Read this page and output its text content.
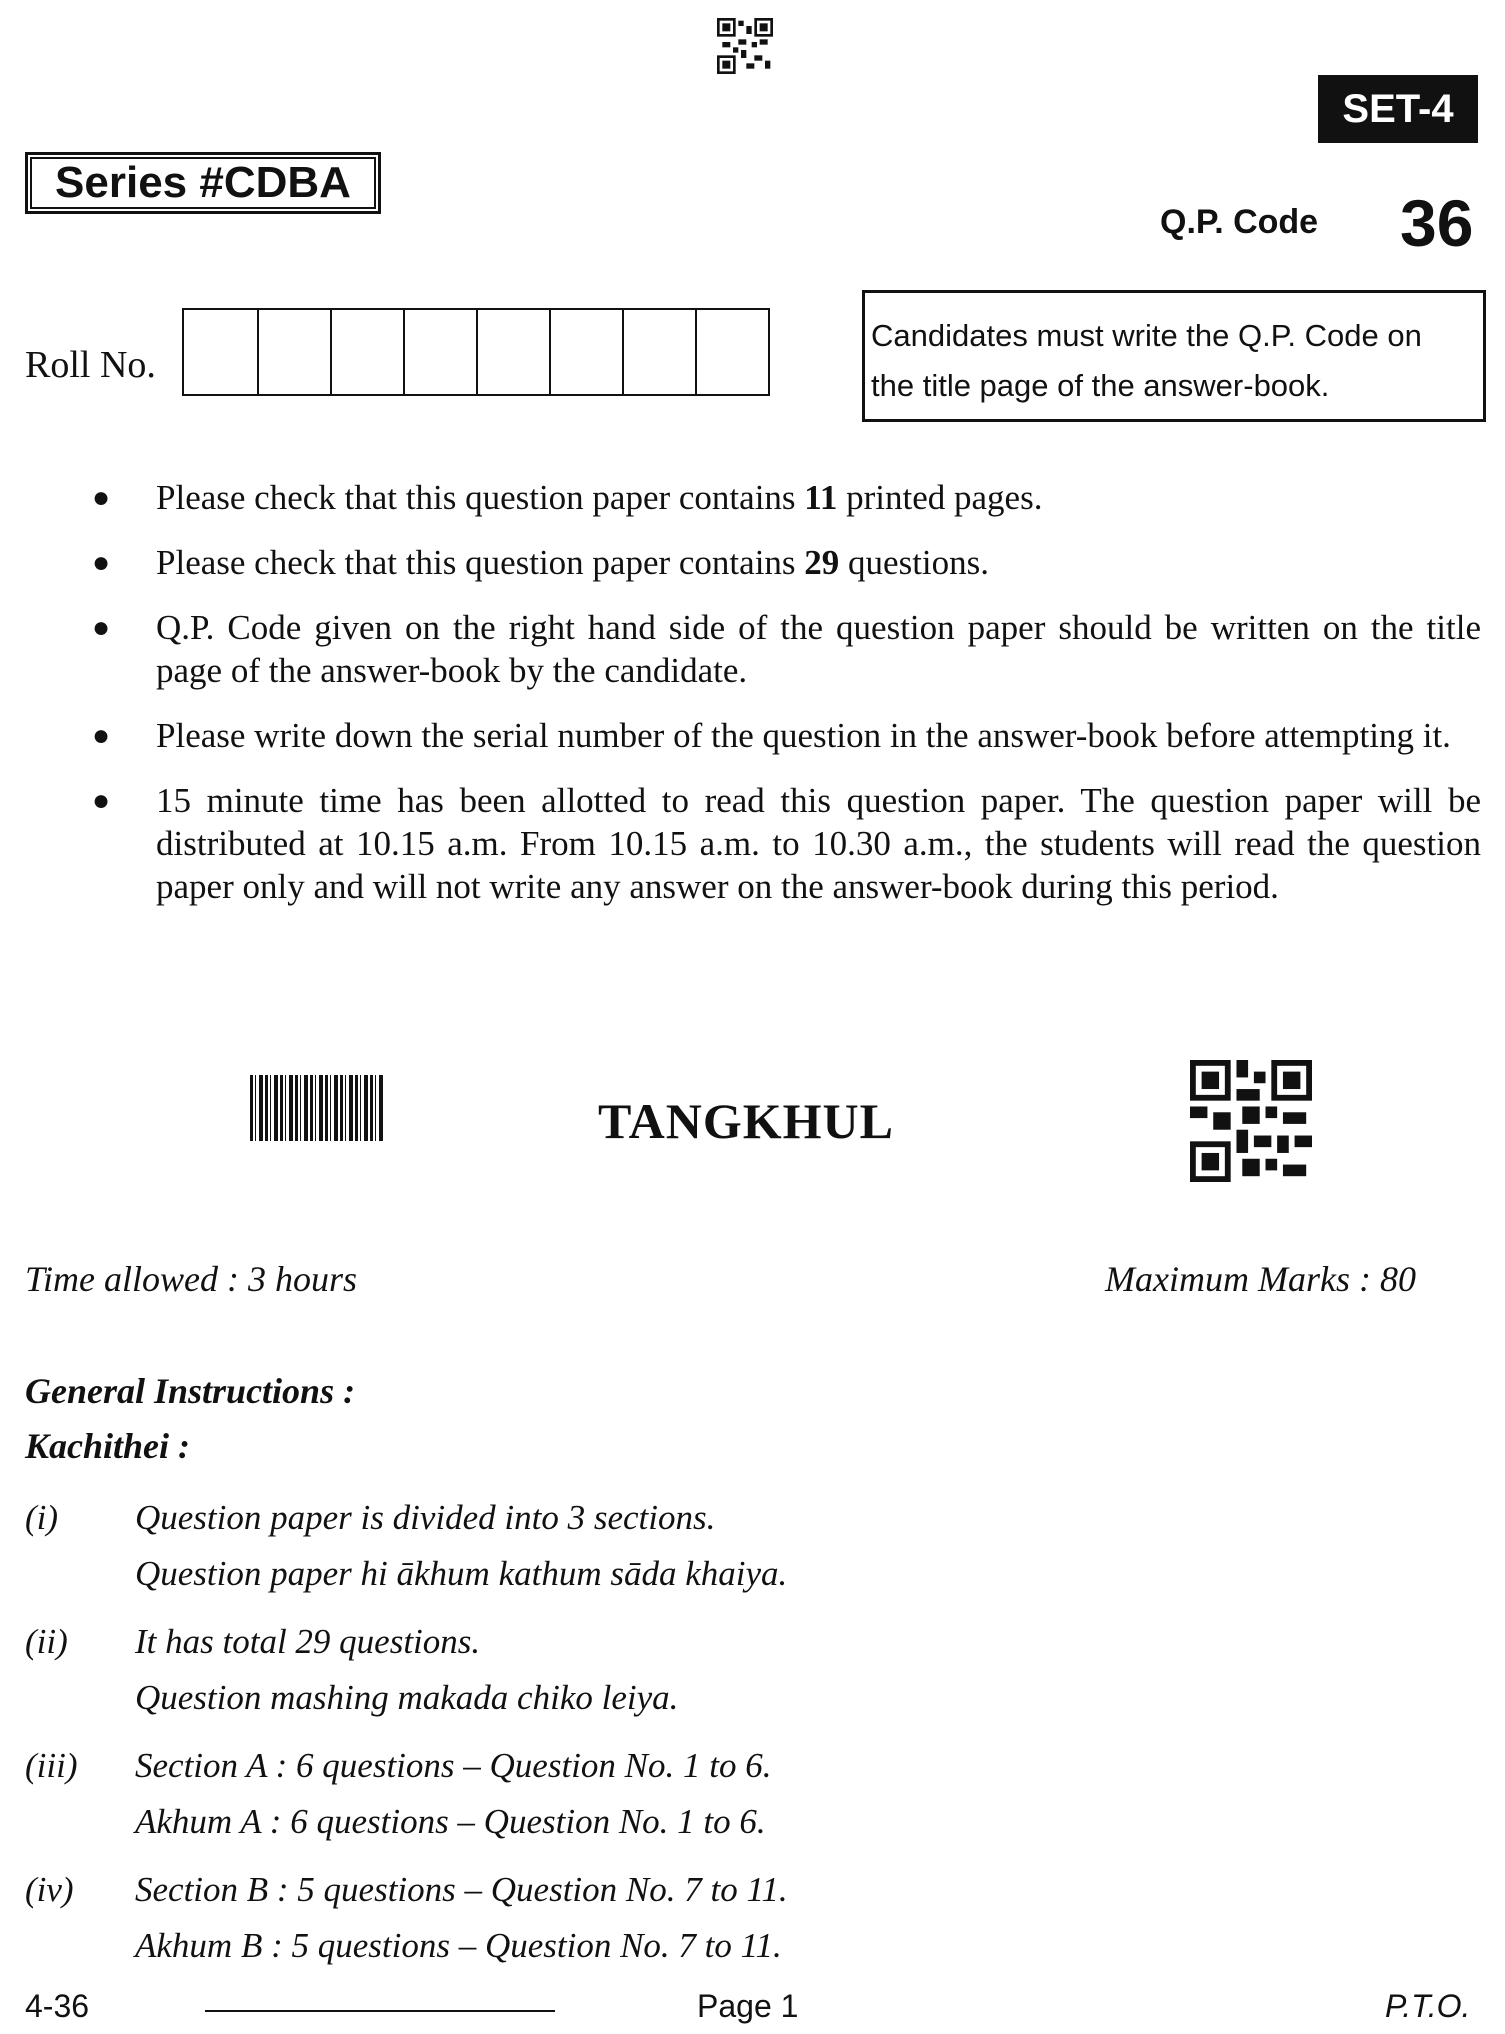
SET-4
Series #CDBA
Q.P. Code 36
Roll No.
Candidates must write the Q.P. Code on
the title page of the answer-book.
● Please check that this question paper contains 11 printed pages.
● Please check that this question paper contains 29 questions.
● Q.P. Code given on the right hand side of the question paper should be written on the title page of the answer-book by the candidate.
● Please write down the serial number of the question in the answer-book before attempting it.
● 15 minute time has been allotted to read this question paper. The question paper will be distributed at 10.15 a.m. From 10.15 a.m. to 10.30 a.m., the students will read the question paper only and will not write any answer on the answer-book during this period.
TANGKHUL
Time allowed : 3 hours	Maximum Marks : 80
General Instructions :
Kachithei :
(i) Question paper is divided into 3 sections.
Question paper hi ākhum kathum sāda khaiya.
(ii) It has total 29 questions.
Question mashing makada chiko leiya.
(iii) Section A : 6 questions – Question No. 1 to 6.
Akhum A : 6 questions – Question No. 1 to 6.
(iv) Section B : 5 questions – Question No. 7 to 11.
Akhum B : 5 questions – Question No. 7 to 11.
4-36	Page 1	P.T.O.
